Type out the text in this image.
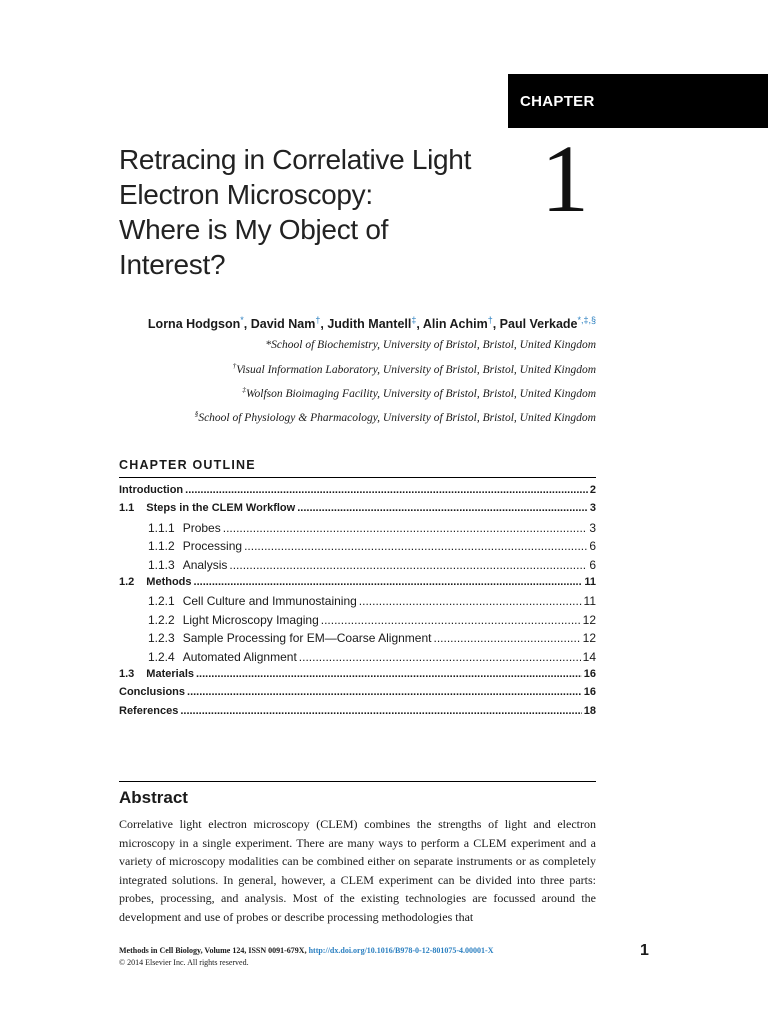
CHAPTER
Retracing in Correlative Light
Electron Microscopy:
Where is My Object of
Interest?
1
Lorna Hodgson*, David Nam†, Judith Mantell‡, Alin Achim†, Paul Verkade*,‡,§
*School of Biochemistry, University of Bristol, Bristol, United Kingdom
†Visual Information Laboratory, University of Bristol, Bristol, United Kingdom
‡Wolfson Bioimaging Facility, University of Bristol, Bristol, United Kingdom
§School of Physiology & Pharmacology, University of Bristol, Bristol, United Kingdom
CHAPTER OUTLINE
Introduction .....	2
1.1 Steps in the CLEM Workflow .....	3
1.1.1 Probes .....	3
1.1.2 Processing .....	6
1.1.3 Analysis .....	6
1.2 Methods .....	11
1.2.1 Cell Culture and Immunostaining .....	11
1.2.2 Light Microscopy Imaging .....	12
1.2.3 Sample Processing for EM—Coarse Alignment .....	12
1.2.4 Automated Alignment .....	14
1.3 Materials .....	16
Conclusions .....	16
References .....	18
Abstract

Correlative light electron microscopy (CLEM) combines the strengths of light and electron microscopy in a single experiment. There are many ways to perform a CLEM experiment and a variety of microscopy modalities can be combined either on separate instruments or as completely integrated solutions. In general, however, a CLEM experiment can be divided into three parts: probes, processing, and analysis. Most of the existing technologies are focussed around the development and use of probes or describe processing methodologies that

Methods in Cell Biology, Volume 124, ISSN 0091-679X, http://dx.doi.org/10.1016/B978-0-12-801075-4.00001-X
© 2014 Elsevier Inc. All rights reserved.
1
